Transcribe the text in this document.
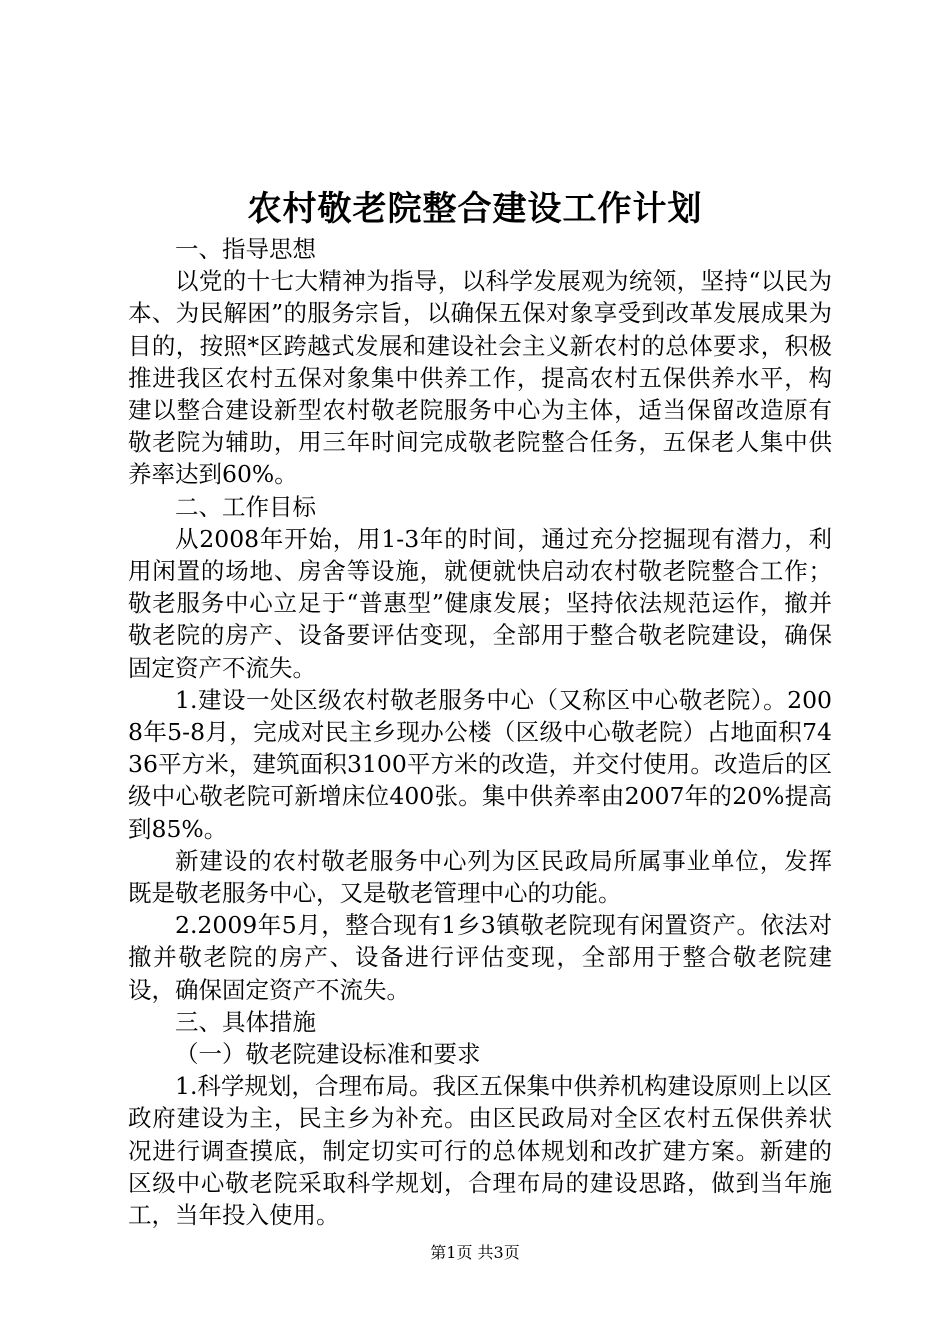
农村敬老院整合建设工作计划

一、指导思想

以党的十七大精神为指导，以科学发展观为统领，坚持“以民为本、为民解困”的服务宗旨，以确保五保对象享受到改革发展成果为目的，按照*区跨越式发展和建设社会主义新农村的总体要求，积极推进我区农村五保对象集中供养工作，提高农村五保供养水平，构建以整合建设新型农村敬老院服务中心为主体，适当保留改造原有敬老院为辅助，用三年时间完成敬老院整合任务，五保老人集中供养率达到60%。

二、工作目标

从2008年开始，用1-3年的时间，通过充分挖掘现有潜力，利用闲置的场地、房舍等设施，就便就快启动农村敬老院整合工作；敬老服务中心立足于“普惠型”健康发展；坚持依法规范运作，撤并敬老院的房产、设备要评估变现，全部用于整合敬老院建设，确保固定资产不流失。

1.建设一处区级农村敬老服务中心（又称区中心敬老院）。2008年5-8月，完成对民主乡现办公楼（区级中心敬老院）占地面积7436平方米，建筑面积3100平方米的改造，并交付使用。改造后的区级中心敬老院可新增床位400张。集中供养率由2007年的20%提高到85%。

新建设的农村敬老服务中心列为区民政局所属事业单位，发挥既是敬老服务中心，又是敬老管理中心的功能。

2.2009年5月，整合现有1乡3镇敬老院现有闲置资产。依法对撤并敬老院的房产、设备进行评估变现，全部用于整合敬老院建设，确保固定资产不流失。

三、具体措施

（一）敬老院建设标准和要求

1.科学规划，合理布局。我区五保集中供养机构建设原则上以区政府建设为主，民主乡为补充。由区民政局对全区农村五保供养状况进行调查摸底，制定切实可行的总体规划和改扩建方案。新建的区级中心敬老院采取科学规划，合理布局的建设思路，做到当年施工，当年投入使用。

第1页 共3页
